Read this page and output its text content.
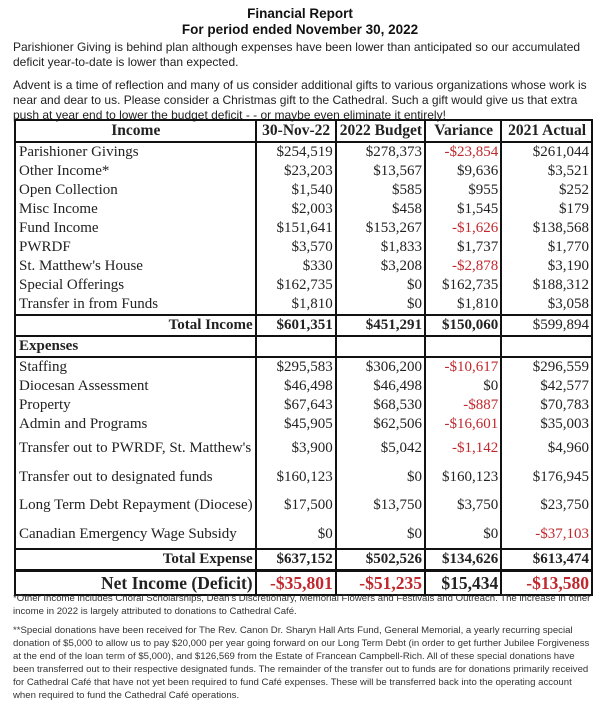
Financial Report
For period ended November 30, 2022

Parishioner Giving is behind plan although expenses have been lower than anticipated so our accumulated deficit year-to-date is lower than expected.

Advent is a time of reflection and many of us consider additional gifts to various organizations whose work is near and dear to us. Please consider a Christmas gift to the Cathedral. Such a gift would give us that extra push at year end to lower the budget deficit - - or maybe even eliminate it entirely!

Income	30-Nov-22	2022 Budget	Variance	2021 Actual
Parishioner Givings	$254,519	$278,373	-$23,854	$261,044
Other Income*	$23,203	$13,567	$9,636	$3,521
Open Collection	$1,540	$585	$955	$252
Misc Income	$2,003	$458	$1,545	$179
Fund Income	$151,641	$153,267	-$1,626	$138,568
PWRDF	$3,570	$1,833	$1,737	$1,770
St. Matthew's House	$330	$3,208	-$2,878	$3,190
Special Offerings	$162,735	$0	$162,735	$188,312
Transfer in from Funds	$1,810	$0	$1,810	$3,058
Total Income	$601,351	$451,291	$150,060	$599,894
Expenses				
Staffing	$295,583	$306,200	-$10,617	$296,559
Diocesan Assessment	$46,498	$46,498	$0	$42,577
Property	$67,643	$68,530	-$887	$70,783
Admin and Programs	$45,905	$62,506	-$16,601	$35,003
Transfer out to PWRDF, St. Matthew's	$3,900	$5,042	-$1,142	$4,960
Transfer out to designated funds	$160,123	$0	$160,123	$176,945
Long Term Debt Repayment (Diocese)	$17,500	$13,750	$3,750	$23,750
Canadian Emergency Wage Subsidy	$0	$0	$0	-$37,103
Total Expense	$637,152	$502,526	$134,626	$613,474
Net Income (Deficit)	-$35,801	-$51,235	$15,434	-$13,580
*Other Income includes Choral Scholarships, Dean's Discretionary, Memorial Flowers and Festivals and Outreach. The increase in other income in 2022 is largely attributed to donations to Cathedral Café.
**Special donations have been received for The Rev. Canon Dr. Sharyn Hall Arts Fund, General Memorial, a yearly recurring special donation of $5,000 to allow us to pay $20,000 per year going forward on our Long Term Debt (in order to get further Jubilee Forgiveness at the end of the loan term of $5,000), and $126,569 from the Estate of Francean Campbell-Rich. All of these special donations have been transferred out to their respective designated funds. The remainder of the transfer out to funds are for donations primarily received for Cathedral Café that have not yet been required to fund Café expenses. These will be transferred back into the operating account when required to fund the Cathedral Café operations.
